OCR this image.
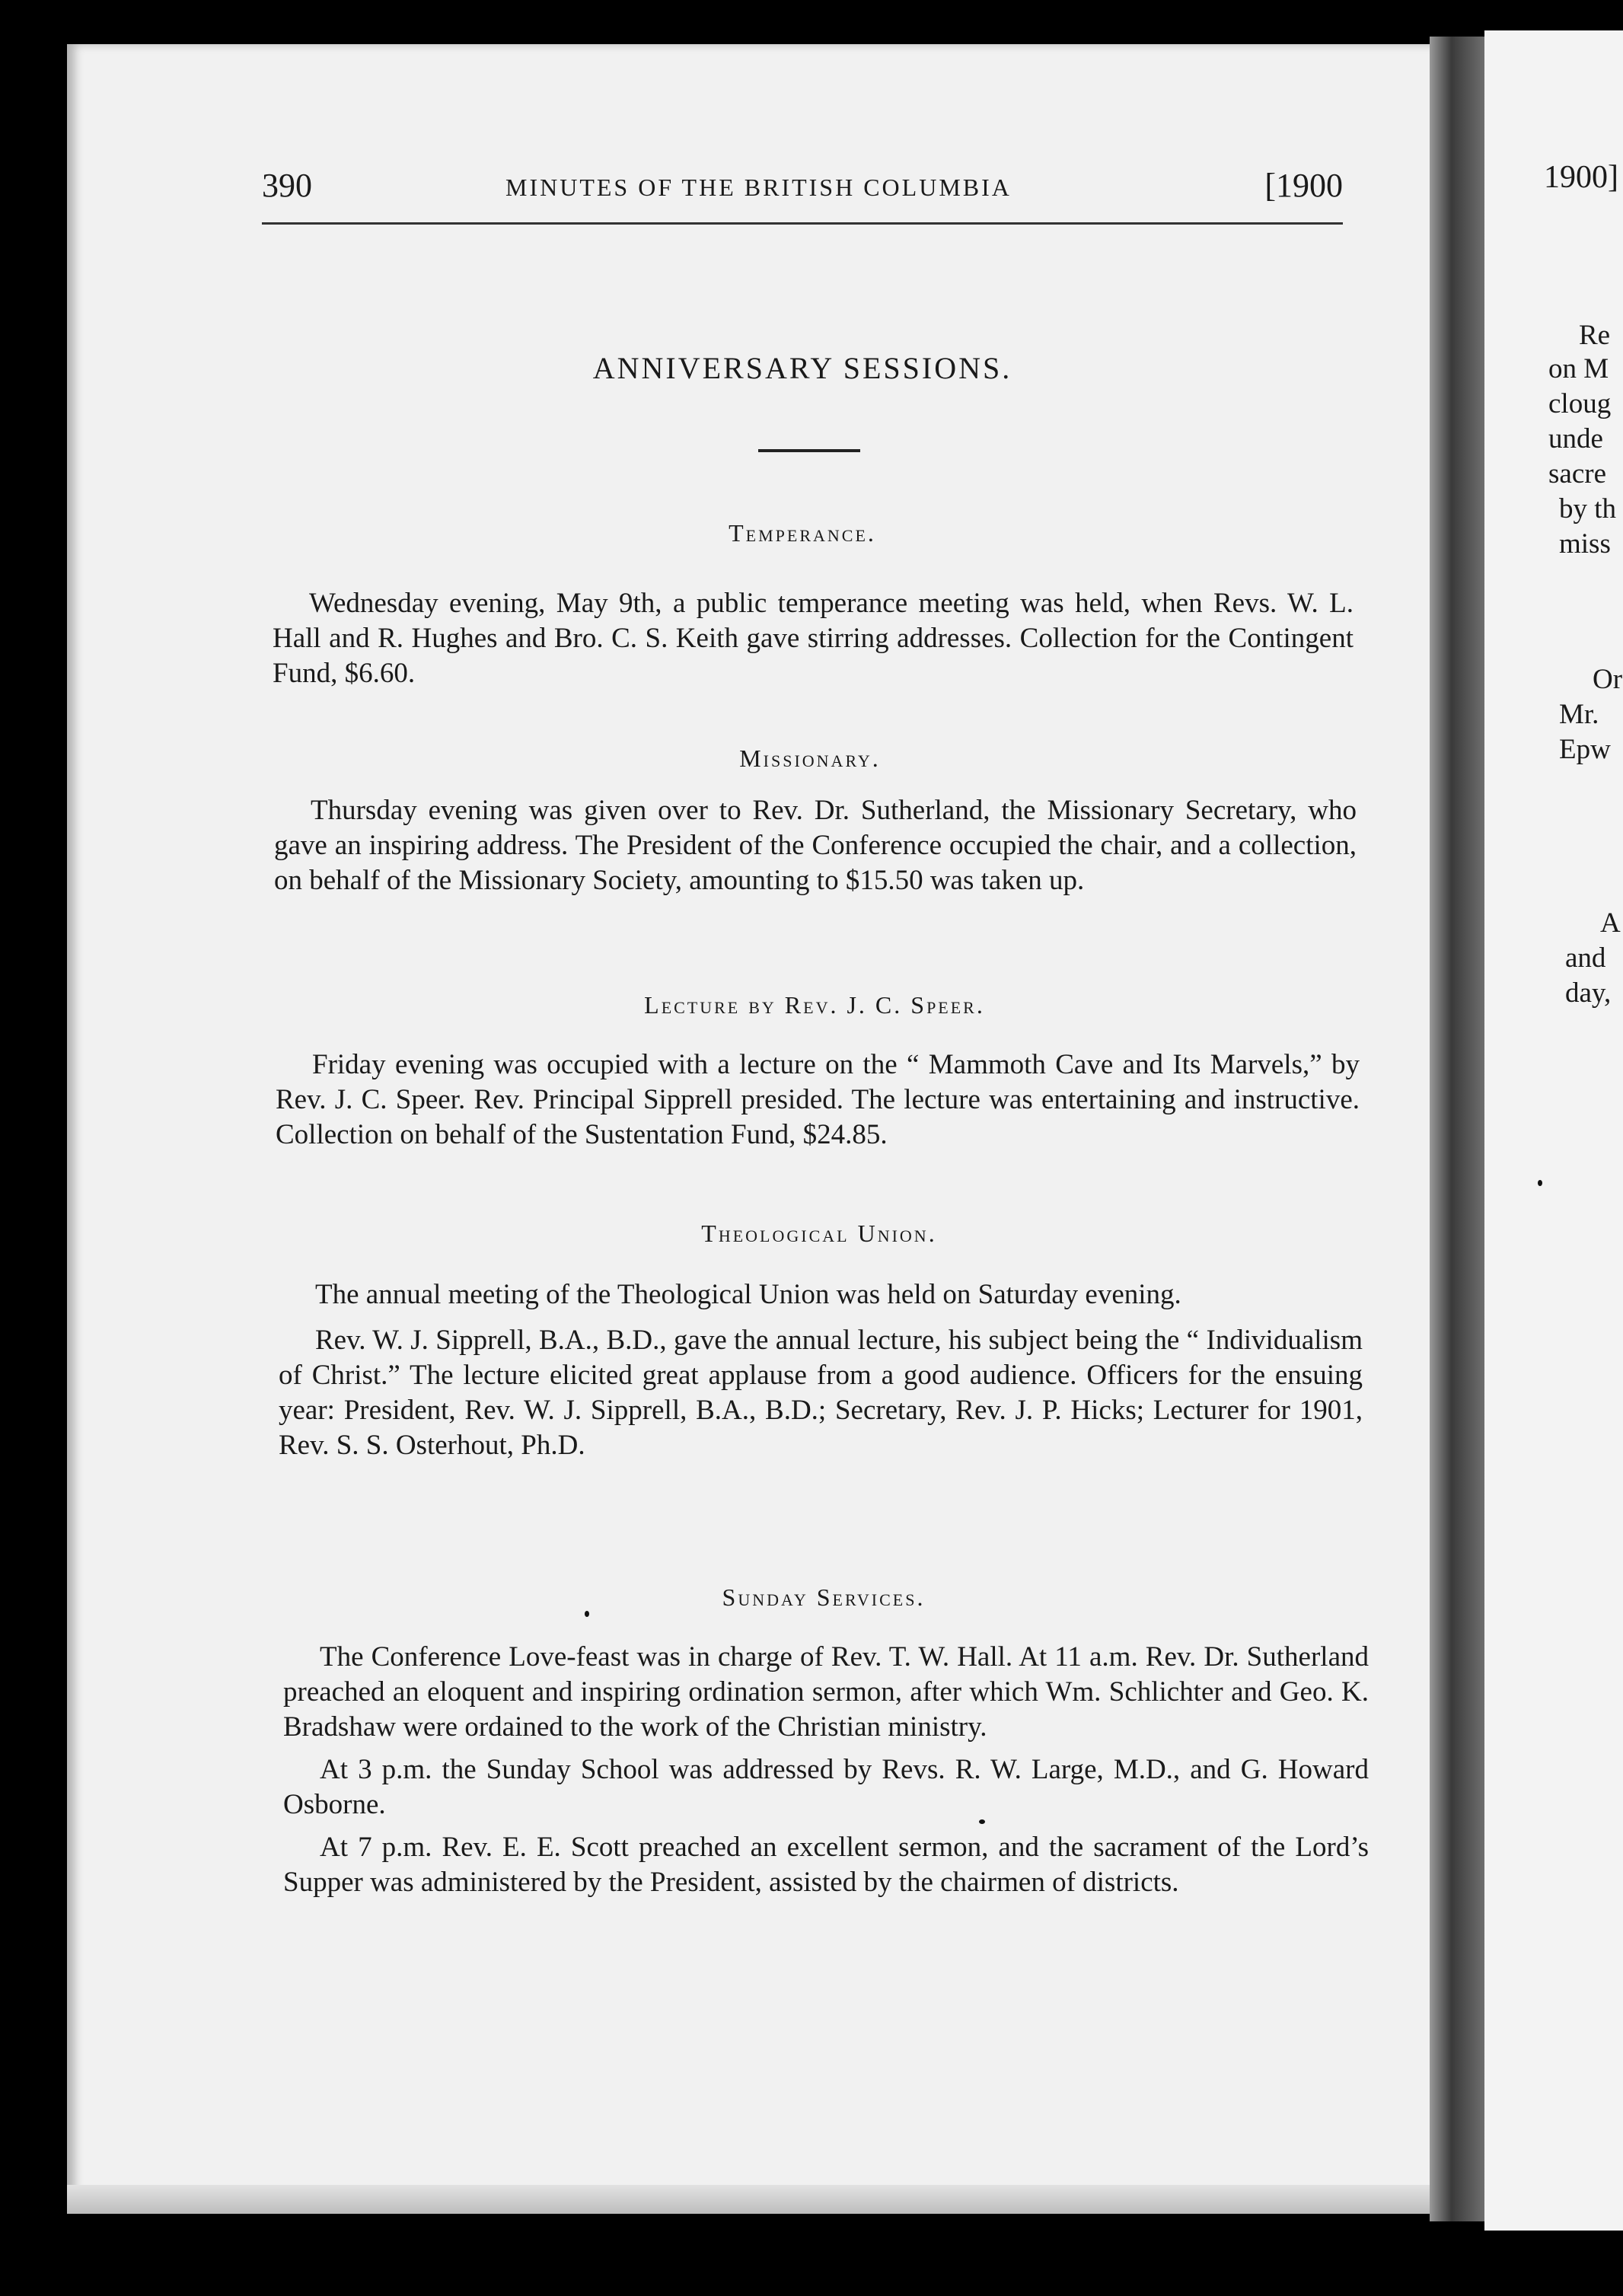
390	MINUTES OF THE BRITISH COLUMBIA	[1900
ANNIVERSARY SESSIONS.
Temperance.

Wednesday evening, May 9th, a public temperance meeting was held, when Revs. W. L. Hall and R. Hughes and Bro. C. S. Keith gave stirring addresses. Collection for the Contingent Fund, $6.60.

Missionary.

Thursday evening was given over to Rev. Dr. Sutherland, the Missionary Secretary, who gave an inspiring address. The President of the Conference occupied the chair, and a collection, on behalf of the Missionary Society, amounting to $15.50 was taken up.

Lecture by Rev. J. C. Speer.

Friday evening was occupied with a lecture on the “ Mammoth Cave and Its Marvels,” by Rev. J. C. Speer. Rev. Principal Sipprell presided. The lecture was entertaining and instructive. Collection on behalf of the Sustentation Fund, $24.85.

Theological Union.

The annual meeting of the Theological Union was held on Saturday evening.

Rev. W. J. Sipprell, B.A., B.D., gave the annual lecture, his subject being the “ Individualism of Christ.” The lecture elicited great applause from a good audience. Officers for the ensuing year: President, Rev. W. J. Sipprell, B.A., B.D.; Secretary, Rev. J. P. Hicks; Lecturer for 1901, Rev. S. S. Osterhout, Ph.D.

Sunday Services.

The Conference Love-feast was in charge of Rev. T. W. Hall. At 11 a.m. Rev. Dr. Sutherland preached an eloquent and inspiring ordination sermon, after which Wm. Schlichter and Geo. K. Bradshaw were ordained to the work of the Christian ministry.

At 3 p.m. the Sunday School was addressed by Revs. R. W. Large, M.D., and G. Howard Osborne.

At 7 p.m. Rev. E. E. Scott preached an excellent sermon, and the sacrament of the Lord’s Supper was administered by the President, assisted by the chairmen of districts.

1900]
Re
on M
cloug
unde
sacre
by th
miss
Or
Mr.
Epw
A
and
day,
